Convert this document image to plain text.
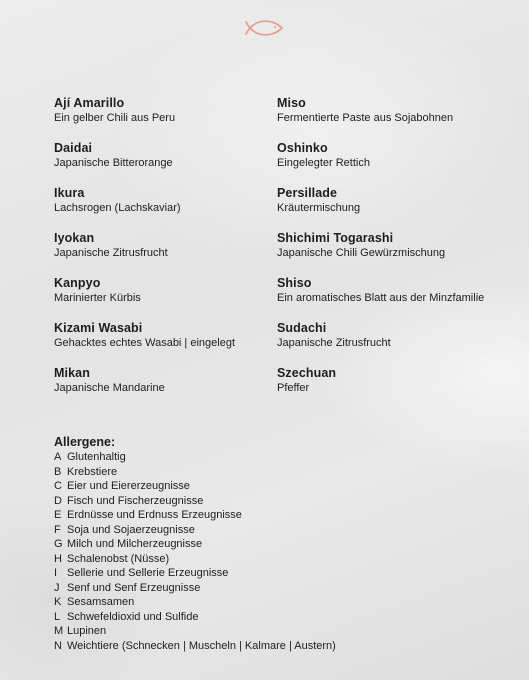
Ají Amarillo
Ein gelber Chili aus Peru
Daidai
Japanische Bitterorange
Ikura
Lachsrogen (Lachskaviar)
Iyokan
Japanische Zitrusfrucht
Kanpyo
Marinierter Kürbis
Kizami Wasabi
Gehacktes echtes Wasabi | eingelegt
Mikan
Japanische Mandarine
Miso
Fermentierte Paste aus Sojabohnen
Oshinko
Eingelegter Rettich
Persillade
Kräutermischung
Shichimi Togarashi
Japanische Chili Gewürzmischung
Shiso
Ein aromatisches Blatt aus der Minzfamilie
Sudachi
Japanische Zitrusfrucht
Szechuan
Pfeffer
Allergene:
A Glutenhaltig
B Krebstiere
C Eier und Eiererzeugnisse
D Fisch und Fischerzeugnisse
E Erdnüsse und Erdnuss Erzeugnisse
F Soja und Sojaerzeugnisse
G Milch und Milcherzeugnisse
H Schalenobst (Nüsse)
I Sellerie und Sellerie Erzeugnisse
J Senf und Senf Erzeugnisse
K Sesamsamen
L Schwefeldioxid und Sulfide
M Lupinen
N Weichtiere (Schnecken | Muscheln | Kalmare | Austern)
